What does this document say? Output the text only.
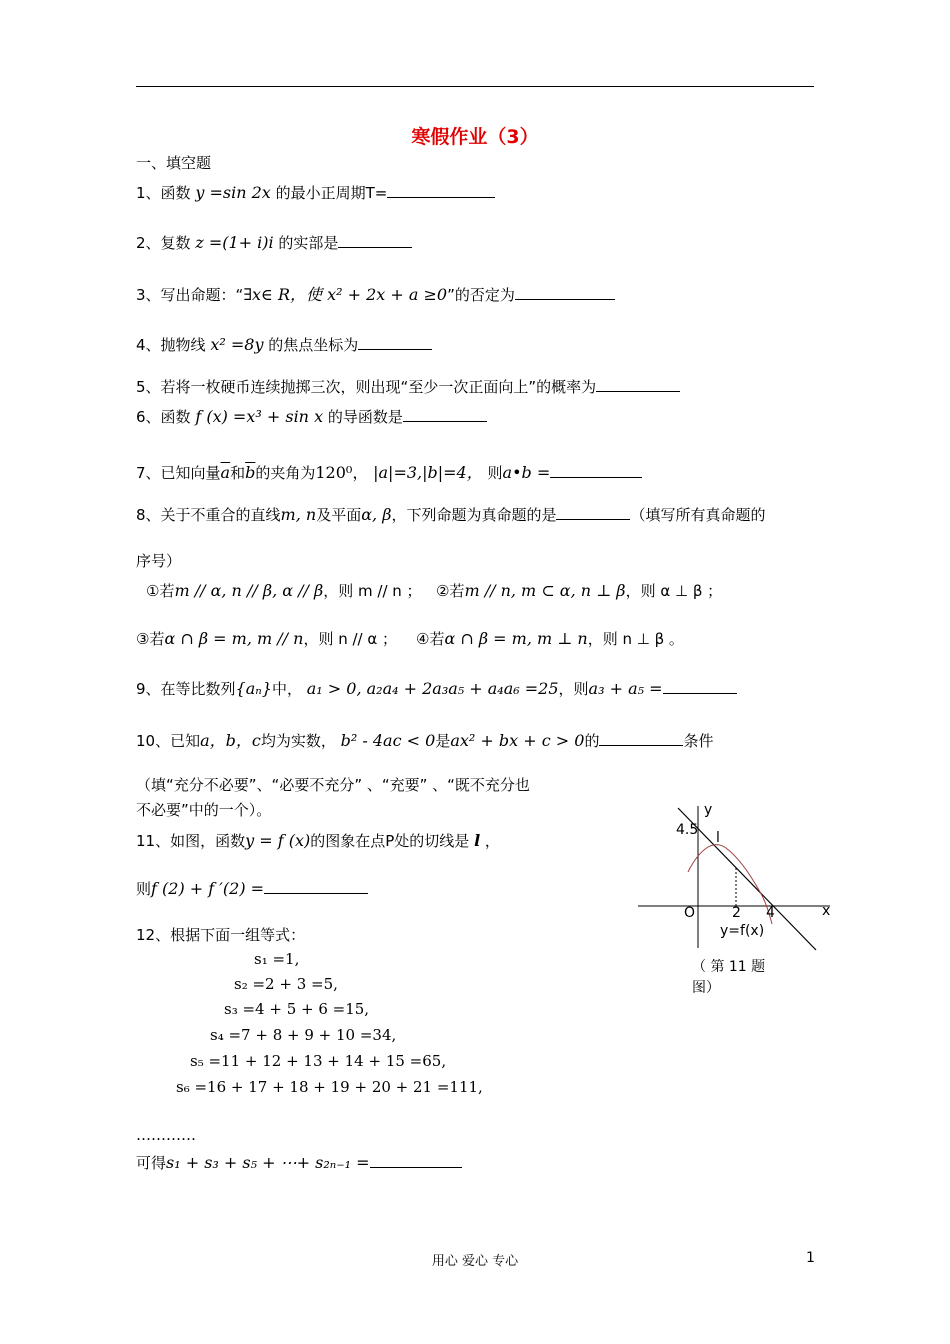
寒假作业（3）
一、填空题
1、函数 y =sin 2x 的最小正周期T=
2、复数 z =(1+ i)i 的实部是
3、写出命题：“∃x∈ R，使 x² + 2x + a ≥0”的否定为
4、抛物线 x² =8y 的焦点坐标为
5、若将一枚硬币连续抛掷三次，则出现“至少一次正面向上”的概率为
6、函数 f (x) =x³ + sin x 的导函数是
7、已知向量$\overline{a}$和$\overline{b}$的夹角为120⁰， |a|=3,|b|=4， 则a•b =
8、关于不重合的直线m, n及平面α, β，下列命题为真命题的是	（填写所有真命题的
序号）
①若m // α, n // β, α // β，则 m // n ； ②若m // n, m ⊂ α, n ⊥ β，则 α ⊥ β ；
③若α ∩ β = m, m // n，则 n // α ； ④若α ∩ β = m, m ⊥ n，则 n ⊥ β 。
9、在等比数列{aₙ}中， a₁ > 0, a₂a₄ + 2a₃a₅ + a₄a₆ =25，则a₃ + a₅ =
10、已知a，b，c均为实数， b² - 4ac < 0是ax² + bx + c > 0的	条件
（填“充分不必要”、“必要不充分” 、“充要” 、“既不充分也
不必要”中的一个）。
11、如图，函数y = f (x)的图象在点P处的切线是 l ，
则f (2) + f ′(2) =
y
x
4.5 l
O	2 4
y=f(x)
（ 第 11 题
图）
12、根据下面一组等式：
s₁ =1,
s₂ =2 + 3 =5,
s₃ =4 + 5 + 6 =15,
s₄ =7 + 8 + 9 + 10 =34,
s₅ =11 + 12 + 13 + 14 + 15 =65,
s₆ =16 + 17 + 18 + 19 + 20 + 21 =111,
…………
可得s₁ + s₃ + s₅ + ⋯+ s₂ₙ₋₁ =
用心 爱心 专心	1
